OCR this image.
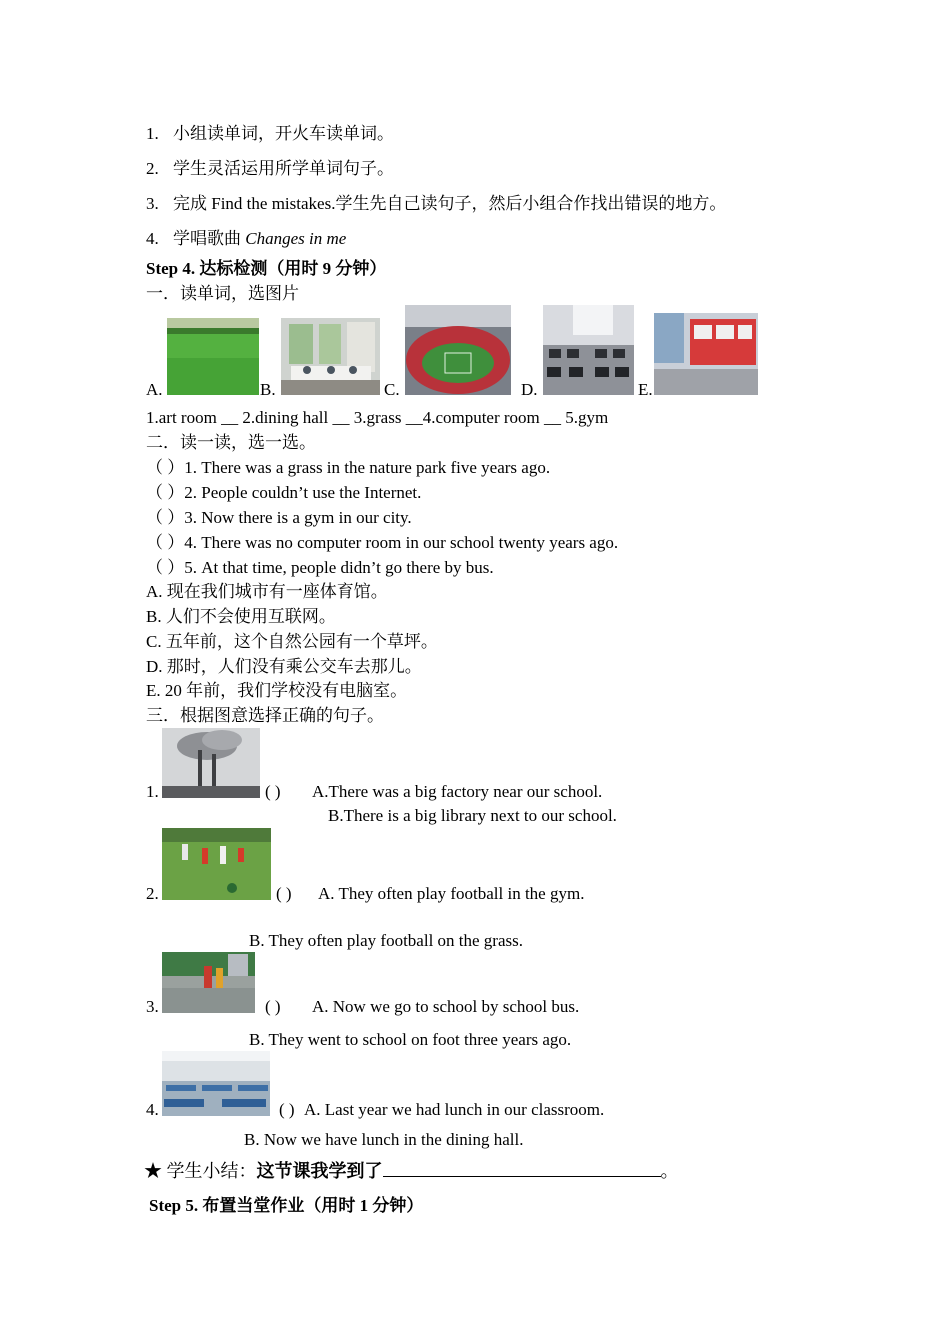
1. 小组读单词，开火车读单词。
2. 学生灵活运用所学单词句子。
3. 完成 Find the mistakes.学生先自己读句子，然后小组合作找出错误的地方。
4. 学唱歌曲 Changes in me
Step 4. 达标检测（用时 9 分钟）
一．读单词，选图片
A.	B.	C.	D.	E.
1.art room __ 2.dining hall __ 3.grass __4.computer room __ 5.gym
二．读一读，选一选。
（ ）1. There was a grass in the nature park five years ago.
（ ）2. People couldn’t use the Internet.
（ ）3. Now there is a gym in our city.
（ ）4. There was no computer room in our school twenty years ago.
（ ）5. At that time, people didn’t go there by bus.
A. 现在我们城市有一座体育馆。
B. 人们不会使用互联网。
C. 五年前，这个自然公园有一个草坪。
D. 那时，人们没有乘公交车去那儿。
E. 20 年前，我们学校没有电脑室。
三．根据图意选择正确的句子。
1.	( ) A.There was a big factory near our school.
B.There is a big library next to our school.
2.	( ) A. They often play football in the gym.
B. They often play football on the grass.
3.	( ) A. Now we go to school by school bus.
B. They went to school on foot three years ago.
4.	( ) A. Last year we had lunch in our classroom.
B. Now we have lunch in the dining hall.
★ 学生小结：这节课我学到了	。
Step 5. 布置当堂作业（用时 1 分钟）
